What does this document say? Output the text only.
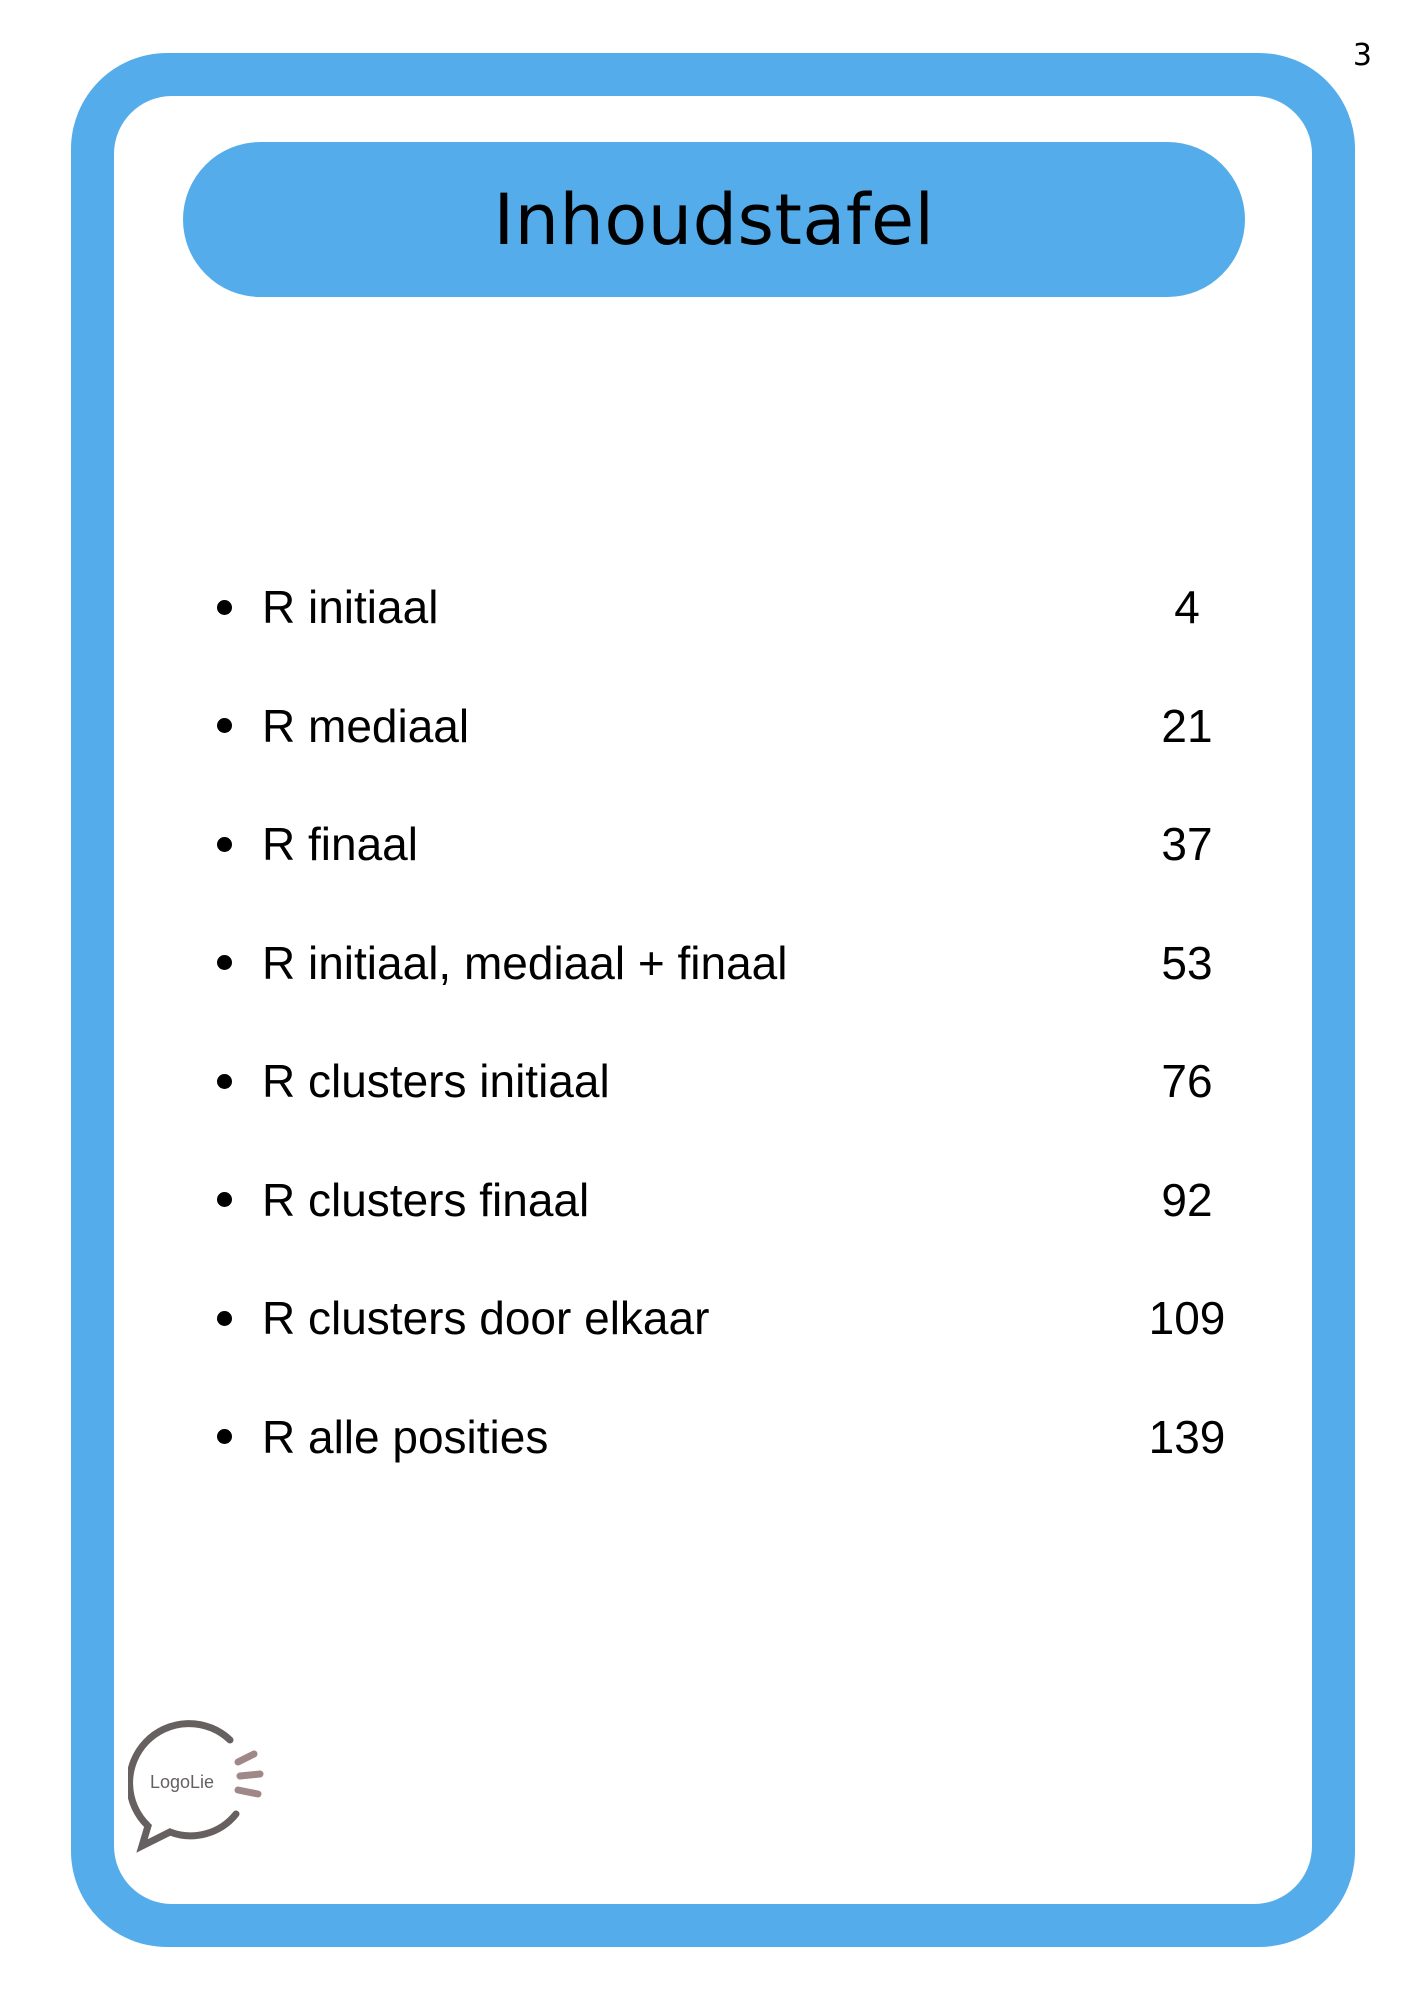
3
Inhoudstafel
R initiaal	4
R mediaal	21
R finaal	37
R initiaal, mediaal + finaal	53
R clusters initiaal	76
R clusters finaal	92
R clusters door elkaar	109
R alle posities	139
LogoLie
